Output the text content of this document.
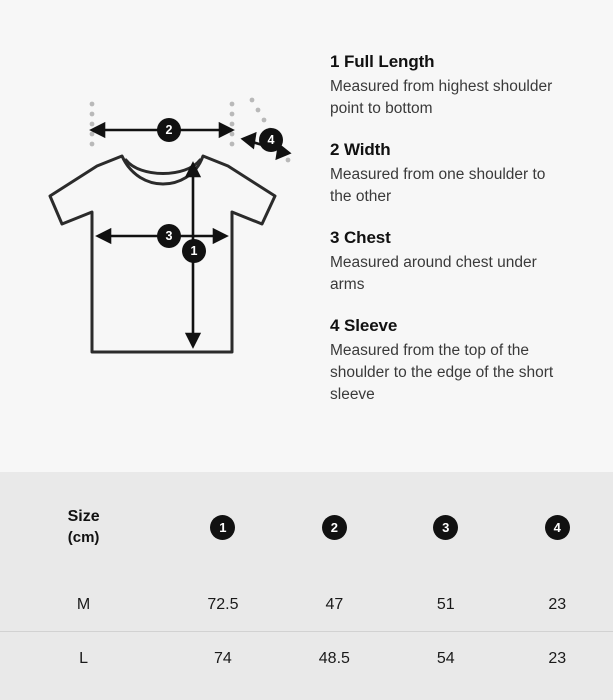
2
3
1
4

1 Full Length

Measured from highest shoulder point to bottom

2 Width

Measured from one shoulder to the other

3 Chest

Measured around chest under arms

4 Sleeve

Measured from the top of the shoulder to the edge of the short sleeve

Size
(cm)	1	2	3	4
M	72.5	47	51	23
L	74	48.5	54	23
